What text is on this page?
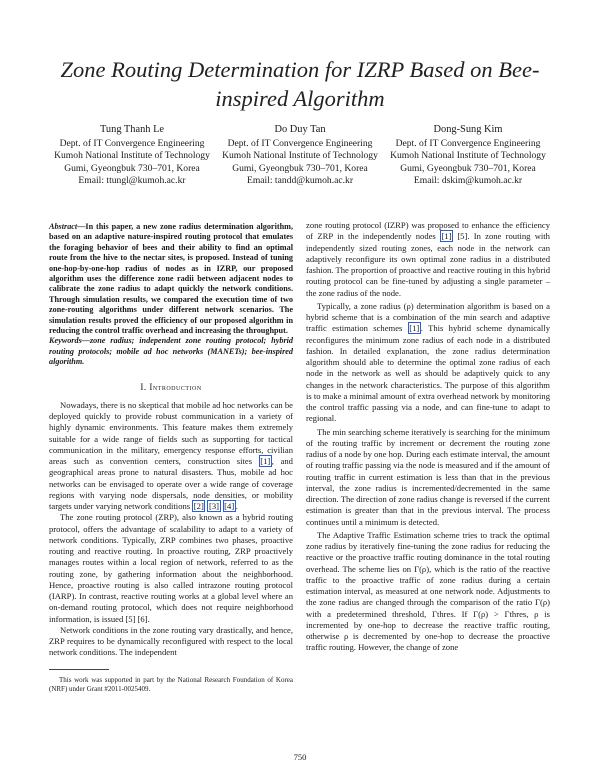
Zone Routing Determination for IZRP Based on Bee-inspired Algorithm
Tung Thanh Le
Dept. of IT Convergence Engineering
Kumoh National Institute of Technology
Gumi, Gyeongbuk 730–701, Korea
Email: ttungl@kumoh.ac.kr
Do Duy Tan
Dept. of IT Convergence Engineering
Kumoh National Institute of Technology
Gumi, Gyeongbuk 730–701, Korea
Email: tandd@kumoh.ac.kr
Dong-Sung Kim
Dept. of IT Convergence Engineering
Kumoh National Institute of Technology
Gumi, Gyeongbuk 730–701, Korea
Email: dskim@kumoh.ac.kr

Abstract—In this paper, a new zone radius determination algorithm, based on an adaptive nature-inspired routing protocol that emulates the foraging behavior of bees and their ability to find an optimal route from the hive to the nectar sites, is proposed. Instead of tuning one-hop-by-one-hop radius of nodes as in IZRP, our proposed algorithm uses the difference zone radii between adjacent nodes to calibrate the zone radius to adapt quickly the network conditions. Through simulation results, we compared the execution time of two zone-routing algorithms under different network scenarios. The simulation results proved the efficiency of our proposed algorithm in reducing the control traffic overhead and increasing the throughput.

Keywords—zone radius; independent zone routing protocol; hybrid routing protocols; mobile ad hoc networks (MANETs); bee-inspired algorithm.

I. Introduction

Nowadays, there is no skeptical that mobile ad hoc networks can be deployed quickly to provide robust communication in a variety of highly dynamic environments. This feature makes them extremely suitable for a wide range of fields such as supporting for tactical communication in the military, emergency response efforts, civilian areas such as convention centers, construction sites [1] , and geographical areas prone to natural disasters. Thus, mobile ad hoc networks can be envisaged to operate over a wide range of coverage regions with varying node dispersals, node densities, or mobility targets under varying network conditions [2] [3] [4] .

The zone routing protocol (ZRP), also known as a hybrid routing protocol, offers the advantage of scalability to adapt to a variety of network conditions. Typically, ZRP combines two phases, proactive routing and reactive routing. In proactive routing, ZRP proactively manages routes within a local region of network, referred to as the routing zone, by gathering information about the neighborhood. Hence, proactive routing is also called intrazone routing protocol (IARP). In contrast, reactive routing works at a global level where an on-demand routing protocol, which does not require neighborhood information, is issued [5] [6].

Network conditions in the zone routing vary drastically, and hence, ZRP requires to be dynamically reconfigured with respect to the local network conditions. The independent

This work was supported in part by the National Research Foundation of Korea (NRF) under Grant #2011-0025409.

zone routing protocol (IZRP) was proposed to enhance the efficiency of ZRP in the independently nodes [1] [5]. In zone routing with independently sized routing zones, each node in the network can adaptively reconfigure its own optimal zone radius in a distributed fashion. The proportion of proactive and reactive routing in this hybrid routing protocol can be fine-tuned by adjusting a single parameter – the zone radius of the node.

Typically, a zone radius (ρ) determination algorithm is based on a hybrid scheme that is a combination of the min search and adaptive traffic estimation schemes [1] . This hybrid scheme dynamically reconfigures the minimum zone radius of each node in a distributed fashion. In detailed explanation, the zone radius determination algorithm should able to determine the optimal zone radius of each node in the network as well as should be adaptively quick to any changes in the network characteristics. The purpose of this algorithm is to make a minimal amount of extra overhead network by monitoring the control traffic passing via a node, and can fine-tune to adapt to regional.

The min searching scheme iteratively is searching for the minimum of the routing traffic by increment or decrement the routing zone radius of a node by one hop. During each estimate interval, the amount of routing traffic passing via the node is measured and if the amount of routing traffic in current estimation is less than that in the previous interval, the zone radius is incremented/decremented in the same direction. The direction of zone radius change is reversed if the current estimation is greater than that in the previous interval. The process continues until a minimum is detected.

The Adaptive Traffic Estimation scheme tries to track the optimal zone radius by iteratively fine-tuning the zone radius for reducing the reactive or the proactive traffic routing dominance in the total routing overhead. The scheme lies on Γ(ρ), which is the ratio of the reactive traffic to the proactive traffic of zone radius during a certain estimation interval, as measured at one network node. Adjustments to the zone radius are changed through the comparison of the ratio Γ(ρ) with a predetermined threshold, Γthres. If Γ(ρ) > Γthres, ρ is incremented by one-hop to decrease the reactive traffic routing, otherwise ρ is decremented by one-hop to decrease the proactive traffic routing. However, the change of zone

750
